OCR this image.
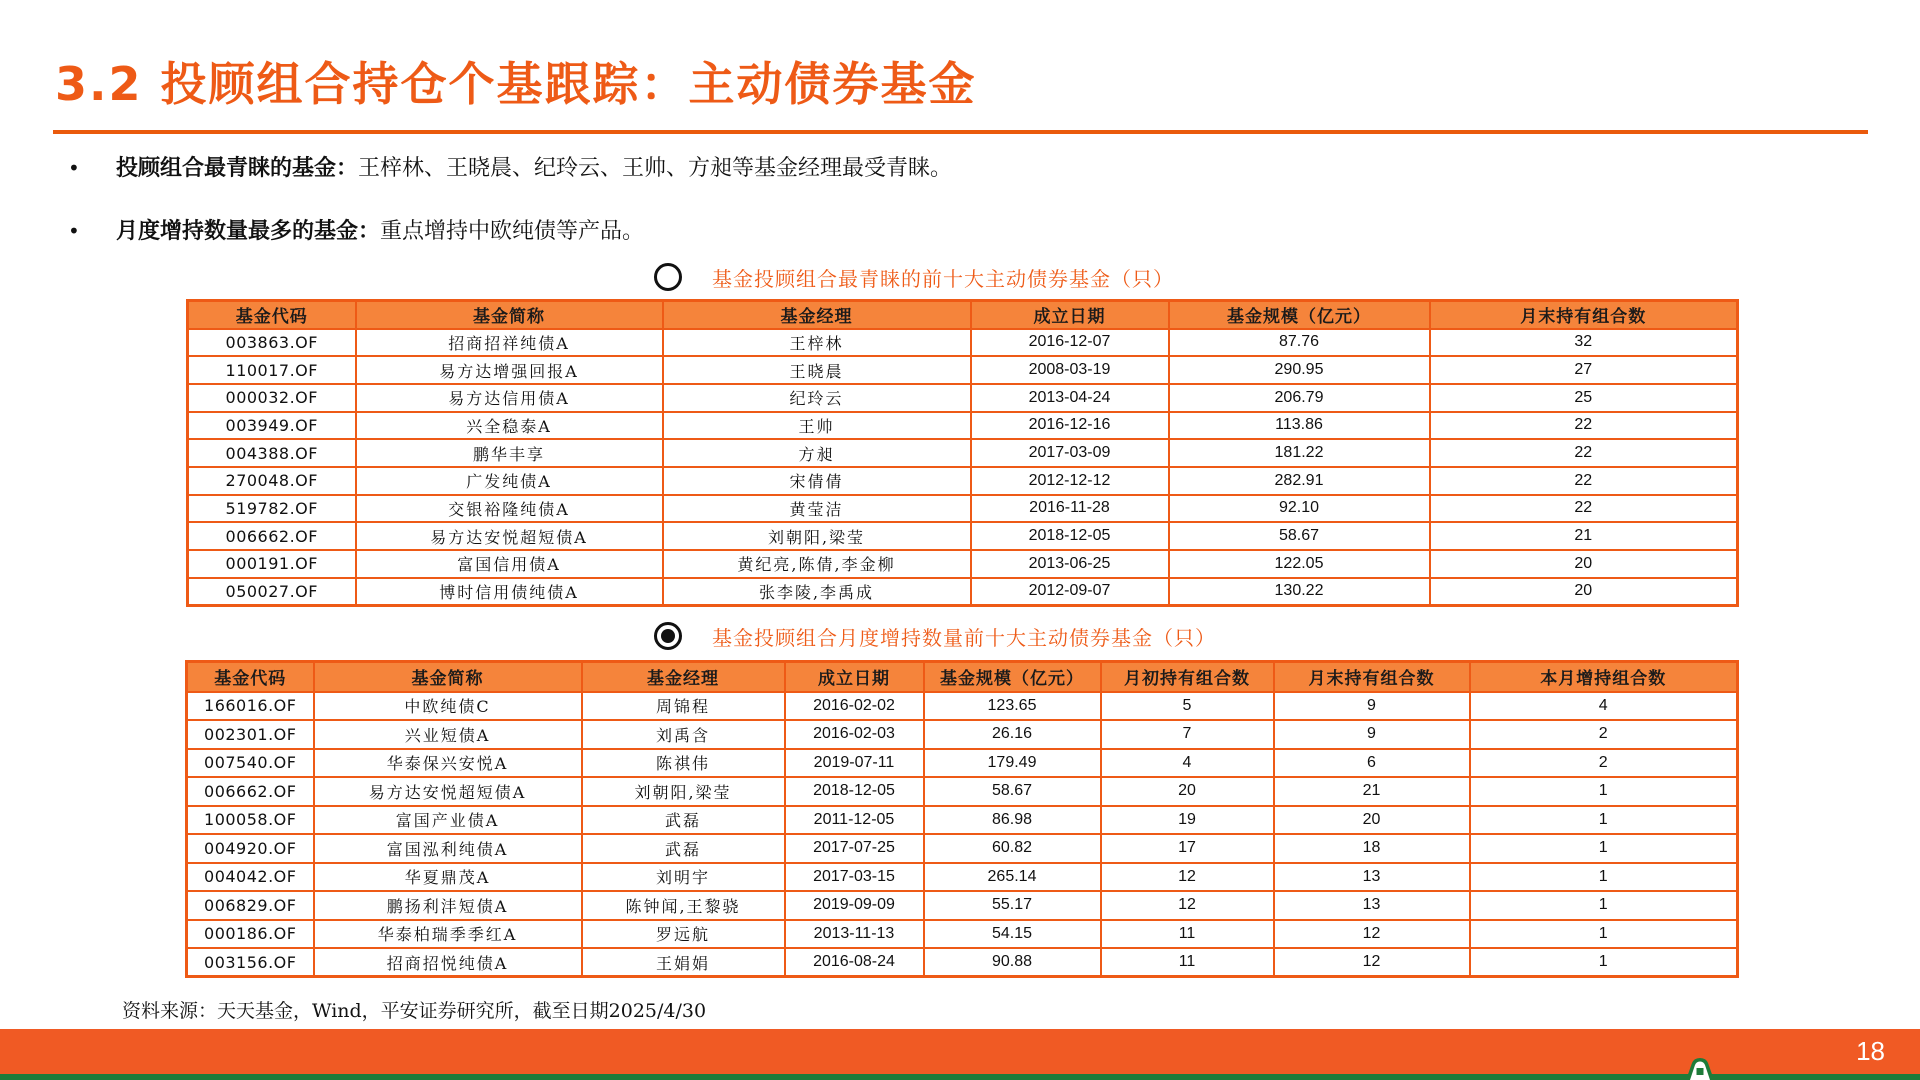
3.2 投顾组合持仓个基跟踪：主动债券基金
• 投顾组合最青睐的基金：王梓林、王晓晨、纪玲云、王帅、方昶等基金经理最受青睐。
• 月度增持数量最多的基金：重点增持中欧纯债等产品。
基金投顾组合最青睐的前十大主动债券基金（只）
基金代码	基金简称	基金经理	成立日期	基金规模（亿元）	月末持有组合数
003863.OF	招商招祥纯债A	王梓林	2016-12-07	87.76	32
110017.OF	易方达增强回报A	王晓晨	2008-03-19	290.95	27
000032.OF	易方达信用债A	纪玲云	2013-04-24	206.79	25
003949.OF	兴全稳泰A	王帅	2016-12-16	113.86	22
004388.OF	鹏华丰享	方昶	2017-03-09	181.22	22
270048.OF	广发纯债A	宋倩倩	2012-12-12	282.91	22
519782.OF	交银裕隆纯债A	黄莹洁	2016-11-28	92.10	22
006662.OF	易方达安悦超短债A	刘朝阳,梁莹	2018-12-05	58.67	21
000191.OF	富国信用债A	黄纪亮,陈倩,李金柳	2013-06-25	122.05	20
050027.OF	博时信用债纯债A	张李陵,李禹成	2012-09-07	130.22	20
基金投顾组合月度增持数量前十大主动债券基金（只）
基金代码	基金简称	基金经理	成立日期	基金规模（亿元）	月初持有组合数	月末持有组合数	本月增持组合数
166016.OF	中欧纯债C	周锦程	2016-02-02	123.65	5	9	4
002301.OF	兴业短债A	刘禹含	2016-02-03	26.16	7	9	2
007540.OF	华泰保兴安悦A	陈祺伟	2019-07-11	179.49	4	6	2
006662.OF	易方达安悦超短债A	刘朝阳,梁莹	2018-12-05	58.67	20	21	1
100058.OF	富国产业债A	武磊	2011-12-05	86.98	19	20	1
004920.OF	富国泓利纯债A	武磊	2017-07-25	60.82	17	18	1
004042.OF	华夏鼎茂A	刘明宇	2017-03-15	265.14	12	13	1
006829.OF	鹏扬利沣短债A	陈钟闻,王黎骁	2019-09-09	55.17	12	13	1
000186.OF	华泰柏瑞季季红A	罗远航	2013-11-13	54.15	11	12	1
003156.OF	招商招悦纯债A	王娟娟	2016-08-24	90.88	11	12	1
资料来源：天天基金，Wind，平安证券研究所，截至日期2025/4/30
18
